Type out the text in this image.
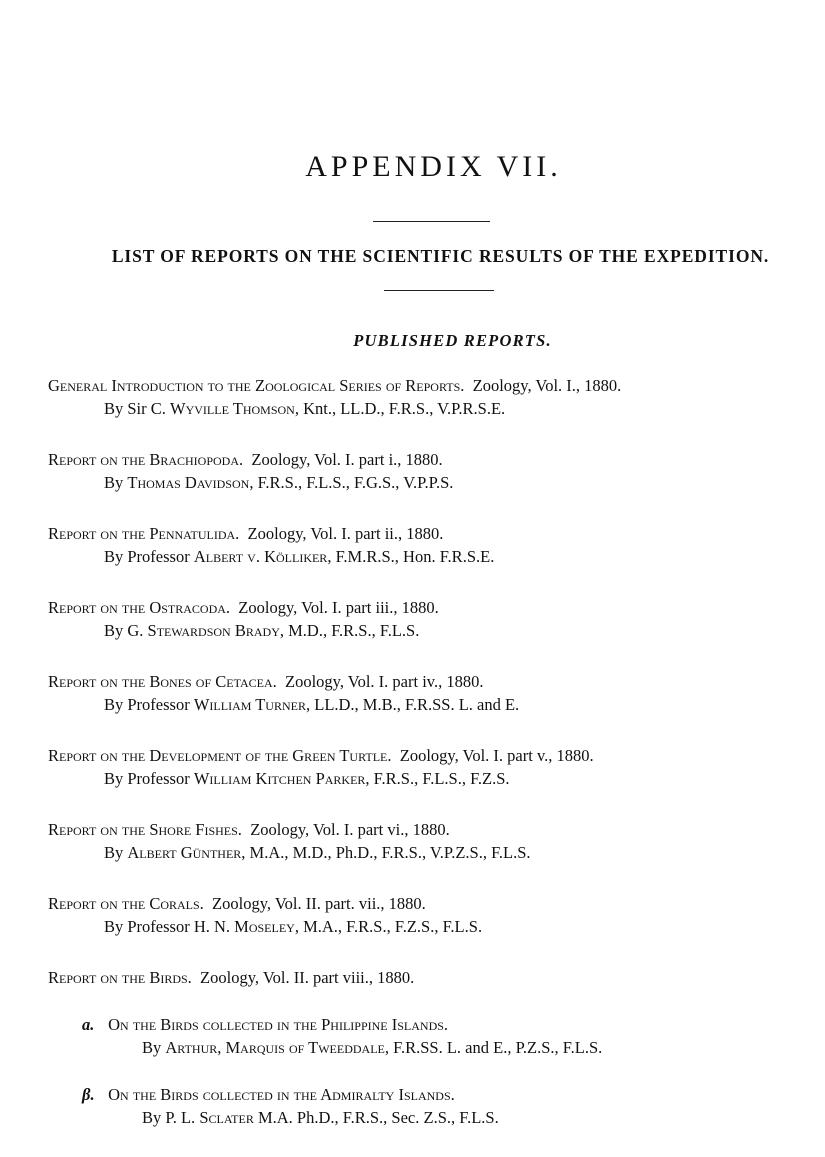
APPENDIX VII.
LIST OF REPORTS ON THE SCIENTIFIC RESULTS OF THE EXPEDITION.
PUBLISHED REPORTS.
General Introduction to the Zoological Series of Reports. Zoology, Vol. I., 1880.
By Sir C. Wyville Thomson, Knt., LL.D., F.R.S., V.P.R.S.E.
Report on the Brachiopoda. Zoology, Vol. I. part i., 1880.
By Thomas Davidson, F.R.S., F.L.S., F.G.S., V.P.P.S.
Report on the Pennatulida. Zoology, Vol. I. part ii., 1880.
By Professor Albert v. Kölliker, F.M.R.S., Hon. F.R.S.E.
Report on the Ostracoda. Zoology, Vol. I. part iii., 1880.
By G. Stewardson Brady, M.D., F.R.S., F.L.S.
Report on the Bones of Cetacea. Zoology, Vol. I. part iv., 1880.
By Professor William Turner, LL.D., M.B., F.R.SS. L. and E.
Report on the Development of the Green Turtle. Zoology, Vol. I. part v., 1880.
By Professor William Kitchen Parker, F.R.S., F.L.S., F.Z.S.
Report on the Shore Fishes. Zoology, Vol. I. part vi., 1880.
By Albert Günther, M.A., M.D., Ph.D., F.R.S., V.P.Z.S., F.L.S.
Report on the Corals. Zoology, Vol. II. part. vii., 1880.
By Professor H. N. Moseley, M.A., F.R.S., F.Z.S., F.L.S.
Report on the Birds. Zoology, Vol. II. part viii., 1880.
a. On the Birds collected in the Philippine Islands.
By Arthur, Marquis of Tweeddale, F.R.SS. L. and E., P.Z.S., F.L.S.
β. On the Birds collected in the Admiralty Islands.
By P. L. Sclater M.A. Ph.D., F.R.S., Sec. Z.S., F.L.S.
